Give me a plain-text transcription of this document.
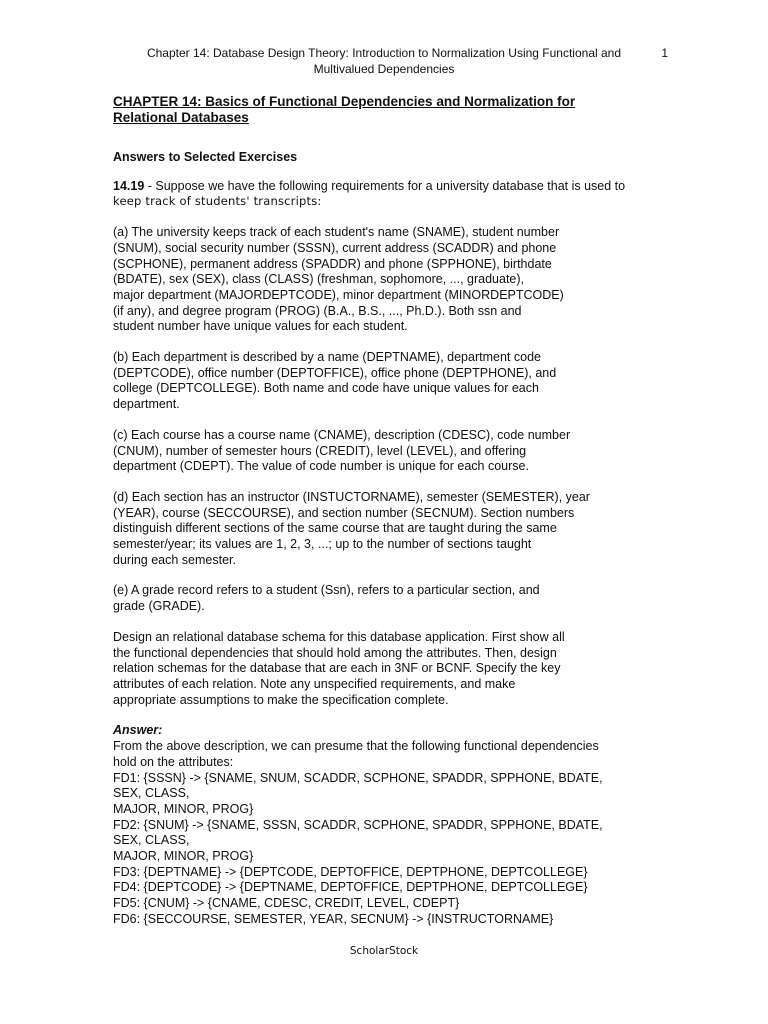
Chapter 14: Database Design Theory: Introduction to Normalization Using Functional and
Multivalued Dependencies
1
CHAPTER 14: Basics of Functional Dependencies and Normalization for
Relational Databases

Answers to Selected Exercises

14.19 - Suppose we have the following requirements for a university database that is used to
keep track of students' transcripts:

(a) The university keeps track of each student's name (SNAME), student number
(SNUM), social security number (SSSN), current address (SCADDR) and phone
(SCPHONE), permanent address (SPADDR) and phone (SPPHONE), birthdate
(BDATE), sex (SEX), class (CLASS) (freshman, sophomore, ..., graduate),
major department (MAJORDEPTCODE), minor department (MINORDEPTCODE)
(if any), and degree program (PROG) (B.A., B.S., ..., Ph.D.). Both ssn and
student number have unique values for each student.

(b) Each department is described by a name (DEPTNAME), department code
(DEPTCODE), office number (DEPTOFFICE), office phone (DEPTPHONE), and
college (DEPTCOLLEGE). Both name and code have unique values for each
department.

(c) Each course has a course name (CNAME), description (CDESC), code number
(CNUM), number of semester hours (CREDIT), level (LEVEL), and offering
department (CDEPT). The value of code number is unique for each course.

(d) Each section has an instructor (INSTUCTORNAME), semester (SEMESTER), year
(YEAR), course (SECCOURSE), and section number (SECNUM). Section numbers
distinguish different sections of the same course that are taught during the same
semester/year; its values are 1, 2, 3, ...; up to the number of sections taught
during each semester.

(e) A grade record refers to a student (Ssn), refers to a particular section, and
grade (GRADE).

Design an relational database schema for this database application. First show all
the functional dependencies that should hold among the attributes. Then, design
relation schemas for the database that are each in 3NF or BCNF. Specify the key
attributes of each relation. Note any unspecified requirements, and make
appropriate assumptions to make the specification complete.

Answer:

From the above description, we can presume that the following functional dependencies
hold on the attributes:
FD1: {SSSN} -> {SNAME, SNUM, SCADDR, SCPHONE, SPADDR, SPPHONE, BDATE,
SEX, CLASS,
MAJOR, MINOR, PROG}
FD2: {SNUM} -> {SNAME, SSSN, SCADDR, SCPHONE, SPADDR, SPPHONE, BDATE,
SEX, CLASS,
MAJOR, MINOR, PROG}
FD3: {DEPTNAME} -> {DEPTCODE, DEPTOFFICE, DEPTPHONE, DEPTCOLLEGE}
FD4: {DEPTCODE} -> {DEPTNAME, DEPTOFFICE, DEPTPHONE, DEPTCOLLEGE}
FD5: {CNUM} -> {CNAME, CDESC, CREDIT, LEVEL, CDEPT}
FD6: {SECCOURSE, SEMESTER, YEAR, SECNUM} -> {INSTRUCTORNAME}
ScholarStock
